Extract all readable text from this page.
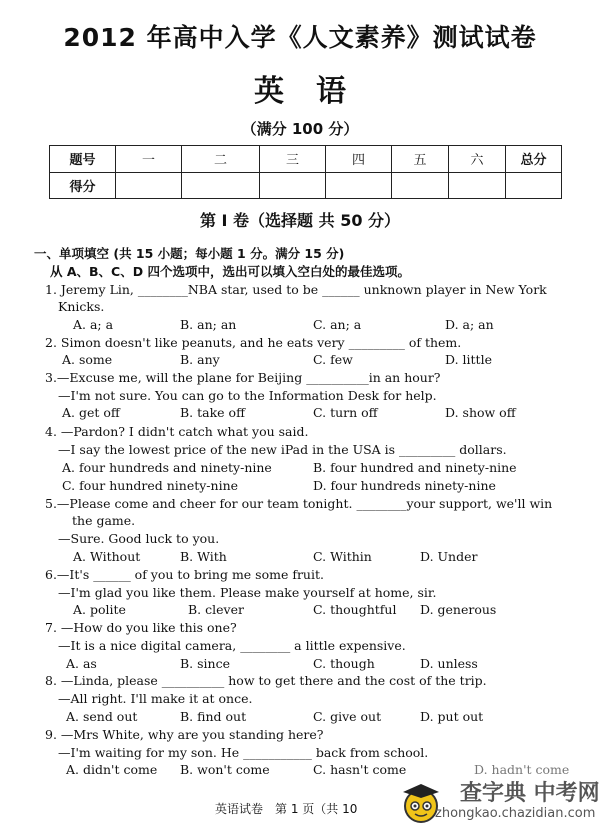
2012 年高中入学《人文素养》测试试卷
英语
（满分 100 分）
题号	一	二	三	四	五	六	总分
得分							
第 Ⅰ 卷（选择题 共 50 分）
一、单项填空 (共 15 小题；每小题 1 分。满分 15 分)
从 A、B、C、D 四个选项中，选出可以填入空白处的最佳选项。
1. Jeremy Lin, ________NBA star, used to be ______ unknown player in New York
Knicks.
A. a; a	B. an; an	C. an; a	D. a; an
2. Simon doesn't like peanuts, and he eats very _________ of them.
A. some	B. any	C. few	D. little
3.—Excuse me, will the plane for Beijing __________in an hour?
—I'm not sure. You can go to the Information Desk for help.
A. get off	B. take off	C. turn off	D. show off
4. —Pardon? I didn't catch what you said.
—I say the lowest price of the new iPad in the USA is _________ dollars.
A. four hundreds and ninety-nine	B. four hundred and ninety-nine
C. four hundred ninety-nine	D. four hundreds ninety-nine
5.—Please come and cheer for our team tonight. ________your support, we'll win
the game.
—Sure. Good luck to you.
A. Without	B. With	C. Within	D. Under
6.—It's ______ of you to bring me some fruit.
—I'm glad you like them. Please make yourself at home, sir.
A. polite	B. clever	C. thoughtful D. generous
7. —How do you like this one?
—It is a nice digital camera, ________ a little expensive.
A. as	B. since	C. though	D. unless
8. —Linda, please __________ how to get there and the cost of the trip.
—All right. I'll make it at once.
A. send out	B. find out	C. give out	D. put out
9. —Mrs White, why are you standing here?
—I'm waiting for my son. He ___________ back from school.
A. didn't come B. won't come	C. hasn't come	D. hadn't come
英语试卷　第 1 页（共 10
查字典 中考网
zhongkao.chazidian.com
